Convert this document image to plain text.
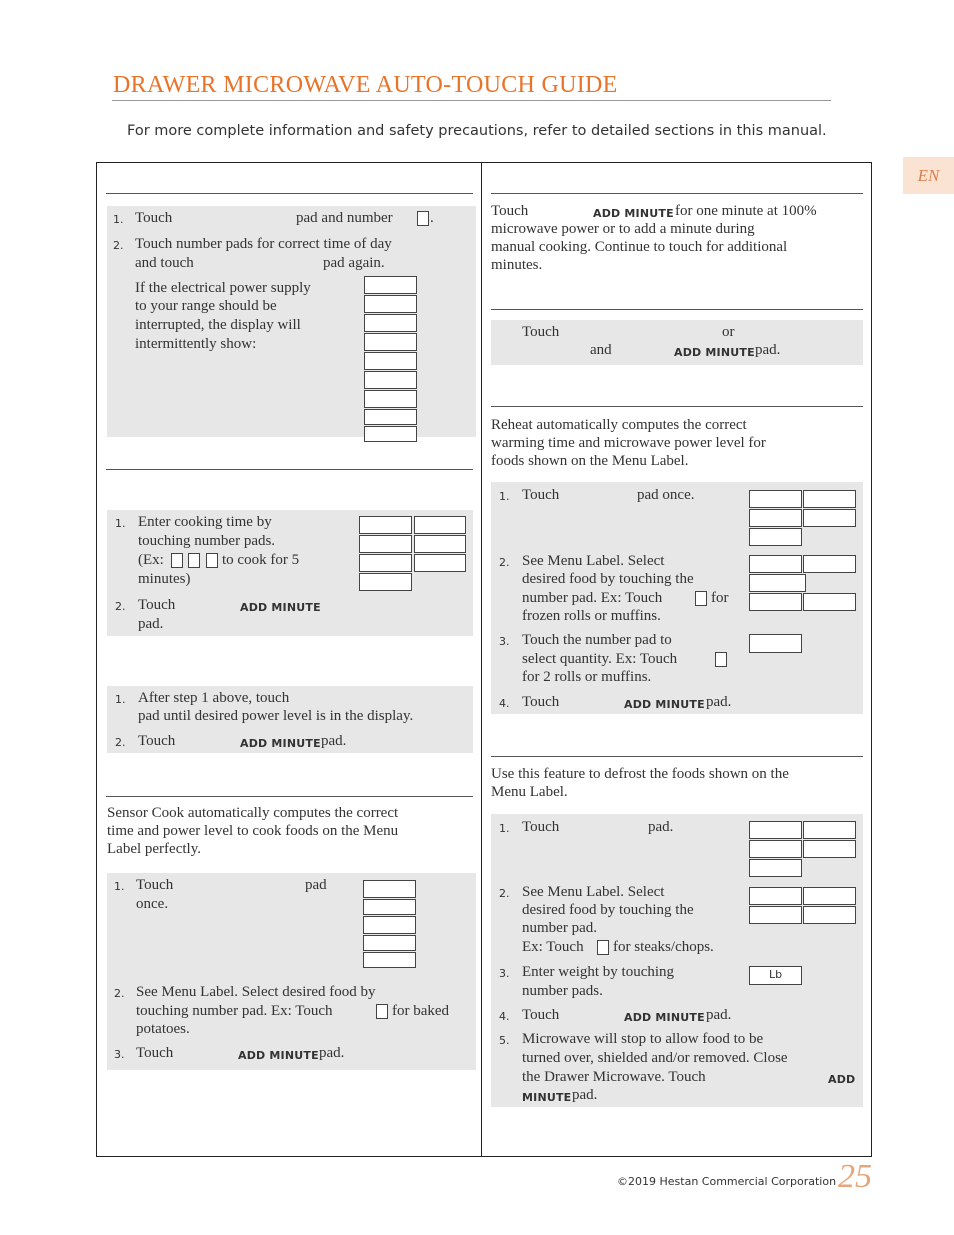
DRAWER MICROWAVE AUTO-TOUCH GUIDE
For more complete information and safety precautions, refer to detailed sections in this manual.
EN
1. Touch	pad and number .
2. Touch number pads for correct time of day
and touch	pad again.
If the electrical power supply
to your range should be
interrupted, the display will
intermittently show:
1. Enter cooking time by
touching number pads.
(Ex:	to cook for 5
minutes)
2. Touch	ADD MINUTE
pad.
1. After step 1 above, touch
pad until desired power level is in the display.
2. Touch	ADD MINUTE pad.
Sensor Cook automatically computes the correct
time and power level to cook foods on the Menu
Label perfectly.
1. Touch	pad
once.
2. See Menu Label. Select desired food by
touching number pad. Ex: Touch	for baked
potatoes.
3. Touch	ADD MINUTE pad.
Touch	ADD MINUTE for one minute at 100%
microwave power or to add a minute during
manual cooking. Continue to touch for additional
minutes.
Touch	or
and	ADD MINUTE pad.
Reheat automatically computes the correct
warming time and microwave power level for
foods shown on the Menu Label.
1. Touch	pad once.
2. See Menu Label. Select
desired food by touching the
number pad. Ex: Touch	for
frozen rolls or muffins.
3. Touch the number pad to
select quantity. Ex: Touch
for 2 rolls or muffins.
4. Touch	ADD MINUTE pad.
Use this feature to defrost the foods shown on the
Menu Label.
1. Touch	pad.
2. See Menu Label. Select
desired food by touching the
number pad.
Ex: Touch for steaks/chops.
3. Enter weight by touching
number pads.
Lb
4. Touch	ADD MINUTE pad.
5. Microwave will stop to allow food to be
turned over, shielded and/or removed. Close
the Drawer Microwave. Touch	ADD
MINUTE pad.
©2019 Hestan Commercial Corporation 25
